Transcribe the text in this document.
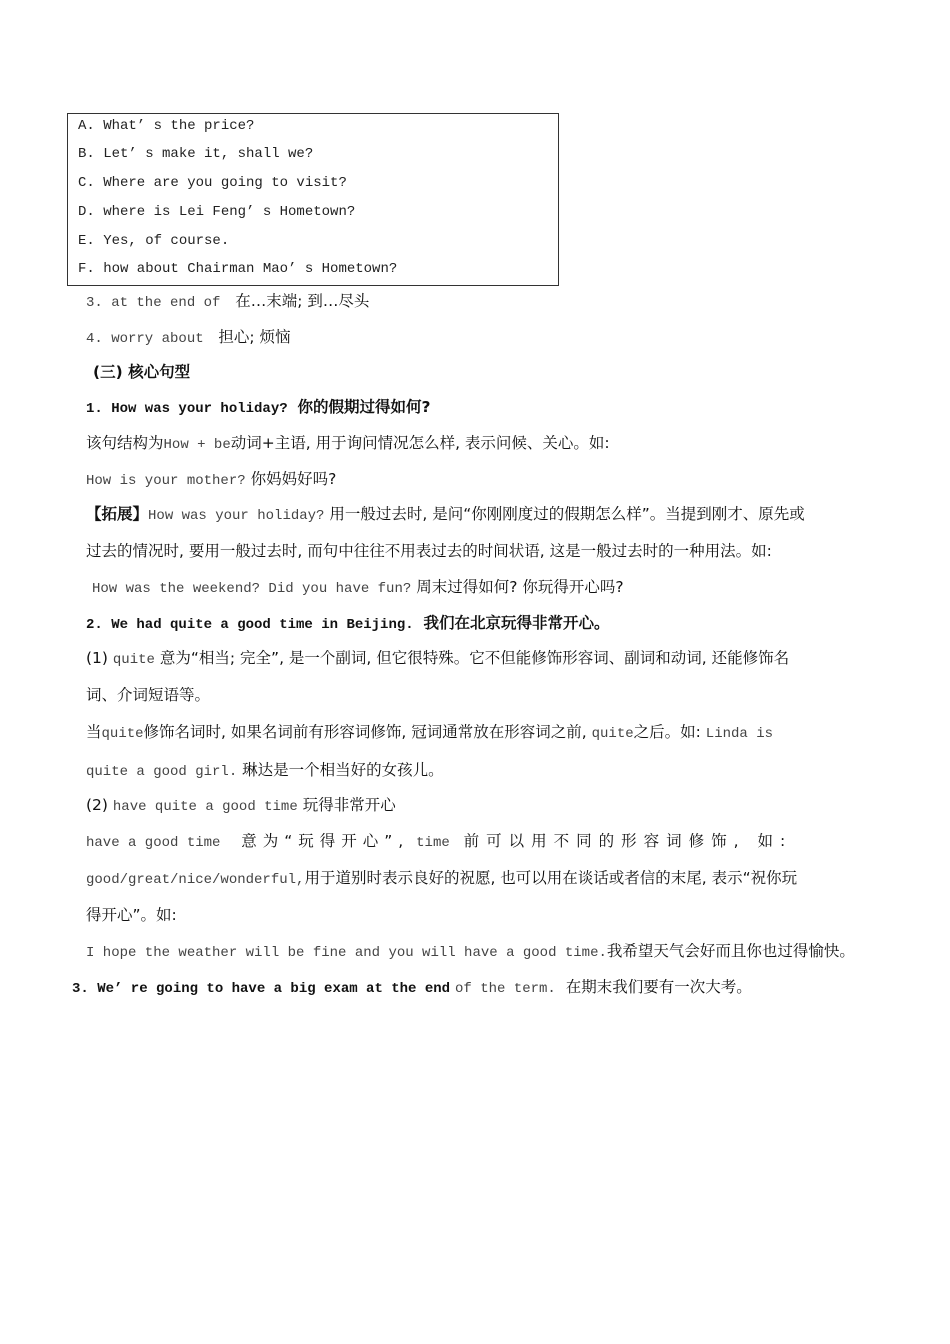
A. What’ s the price?
B. Let’ s make it, shall we?
C. Where are you going to visit?
D. where is Lei Feng’ s Hometown?
E. Yes, of course.
F. how about Chairman Mao’ s Hometown?
3. at the end of 在…末端; 到…尽头
4. worry about 担心; 烦恼
(三) 核心句型
1. How was your holiday? 你的假期过得如何?
该句结构为How + be动词+主语, 用于询问情况怎么样, 表示问候、关心。如:
How is your mother? 你妈妈好吗?
【拓展】How was your holiday? 用一般过去时, 是问“你刚刚度过的假期怎么样”。当提到刚才、原先或
过去的情况时, 要用一般过去时, 而句中往往不用表过去的时间状语, 这是一般过去时的一种用法。如:
How was the weekend? Did you have fun? 周末过得如何? 你玩得开心吗?
2. We had quite a good time in Beijing. 我们在北京玩得非常开心。
(1) quite 意为“相当; 完全”, 是一个副词, 但它很特殊。它不但能修饰形容词、副词和动词, 还能修饰名
词、介词短语等。
当quite修饰名词时, 如果名词前有形容词修饰, 冠词通常放在形容词之前, quite之后。如: Linda is
quite a good girl. 琳达是一个相当好的女孩儿。
(2) have quite a good time 玩得非常开心
have a good time 意为“玩得开心”, time 前可以用不同的形容词修饰, 如:
good/great/nice/wonderful,用于道别时表示良好的祝愿, 也可以用在谈话或者信的末尾, 表示“祝你玩
得开心”。如:
I hope the weather will be fine and you will have a good time.我希望天气会好而且你也过得愉快。
3. We’ re going to have a big exam at the end of the term. 在期末我们要有一次大考。
